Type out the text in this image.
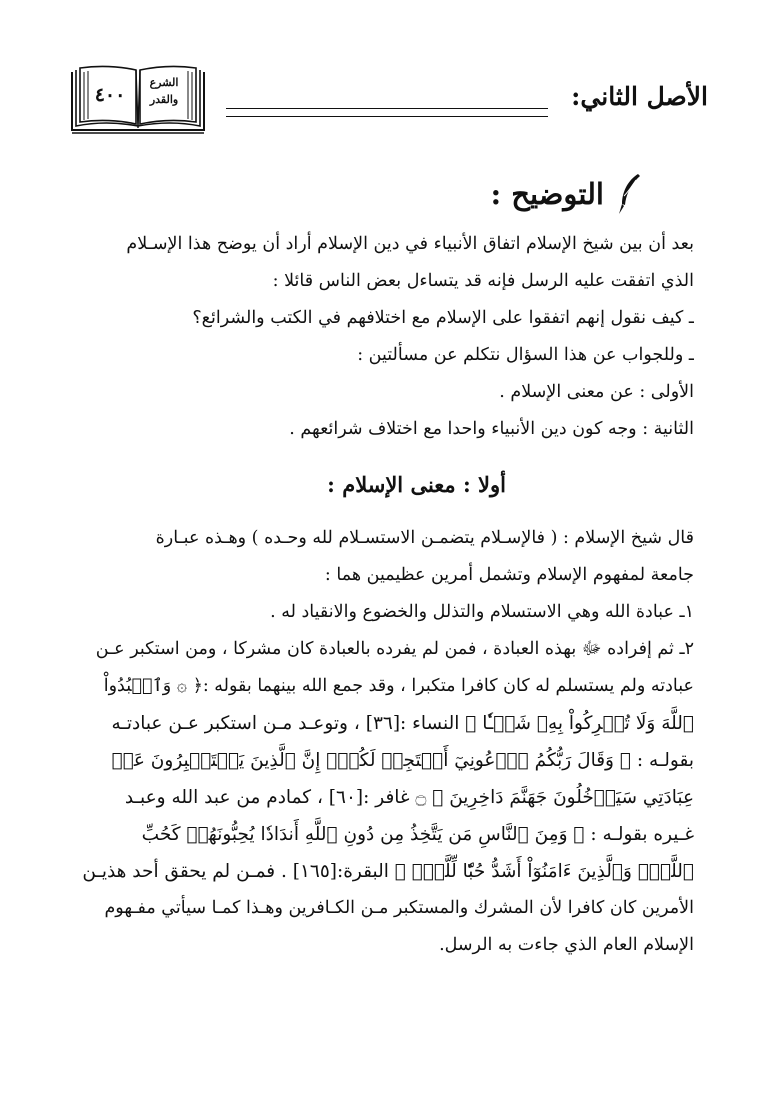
٤٠٠
الشرع
والقدر	الأصل الثاني:
التوضيح :

بعد أن بين شيخ الإسلام اتفاق الأنبياء في دين الإسلام أراد أن يوضح هذا الإسـلام
الذي اتفقت عليه الرسل فإنه قد يتساءل بعض الناس قائلا :
ـ كيف نقول إنهم اتفقوا على الإسلام مع اختلافهم في الكتب والشرائع؟
ـ وللجواب عن هذا السؤال نتكلم عن مسألتين :
الأولى : عن معنى الإسلام .
الثانية : وجه كون دين الأنبياء واحدا مع اختلاف شرائعهم .

أولا : معنى الإسلام :

قال شيخ الإسلام : ( فالإسـلام يتضمـن الاستسـلام لله وحـده ) وهـذه عبـارة
جامعة لمفهوم الإسلام وتشمل أمرين عظيمين هما :
١ـ عبادة الله وهي الاستسلام والتذلل والخضوع والانقياد له .
٢ـ ثم إفراده ﷻ بهذه العبادة ، فمن لم يفرده بالعبادة كان مشركا ، ومن استكبر عـن
عبادته ولم يستسلم له كان كافرا متكبرا ، وقد جمع الله بينهما بقوله :﴿ ۞ وَٱعۡبُدُواْ
ٱللَّهَ وَلَا تُشۡرِكُواْ بِهِۦ شَيۡـٔٗا ﴾ النساء :[٣٦] ، وتوعـد مـن استكبر عـن عبادتـه
بقولـه : ﴿ وَقَالَ رَبُّكُمُ ٱدۡعُونِيٓ أَسۡتَجِبۡ لَكُمۡۚ إِنَّ ٱلَّذِينَ يَسۡتَكۡبِرُونَ عَنۡ
عِبَادَتِي سَيَدۡخُلُونَ جَهَنَّمَ دَاخِرِينَ ﴾ ۝ غافر :[٦٠] ، كمادم من عبد الله وعبـد
غـيره بقولـه : ﴿ وَمِنَ ٱلنَّاسِ مَن يَتَّخِذُ مِن دُونِ ٱللَّهِ أَندَادٗا يُحِبُّونَهُمۡ كَحُبِّ
ٱللَّهِۖ وَٱلَّذِينَ ءَامَنُوٓاْ أَشَدُّ حُبّٗا لِّلَّهِۗ ﴾ البقرة:[١٦٥] . فمـن لم يحقق أحد هذيـن
الأمرين كان كافرا لأن المشرك والمستكبر مـن الكـافرين وهـذا كمـا سيأتي مفـهوم
الإسلام العام الذي جاءت به الرسل.
